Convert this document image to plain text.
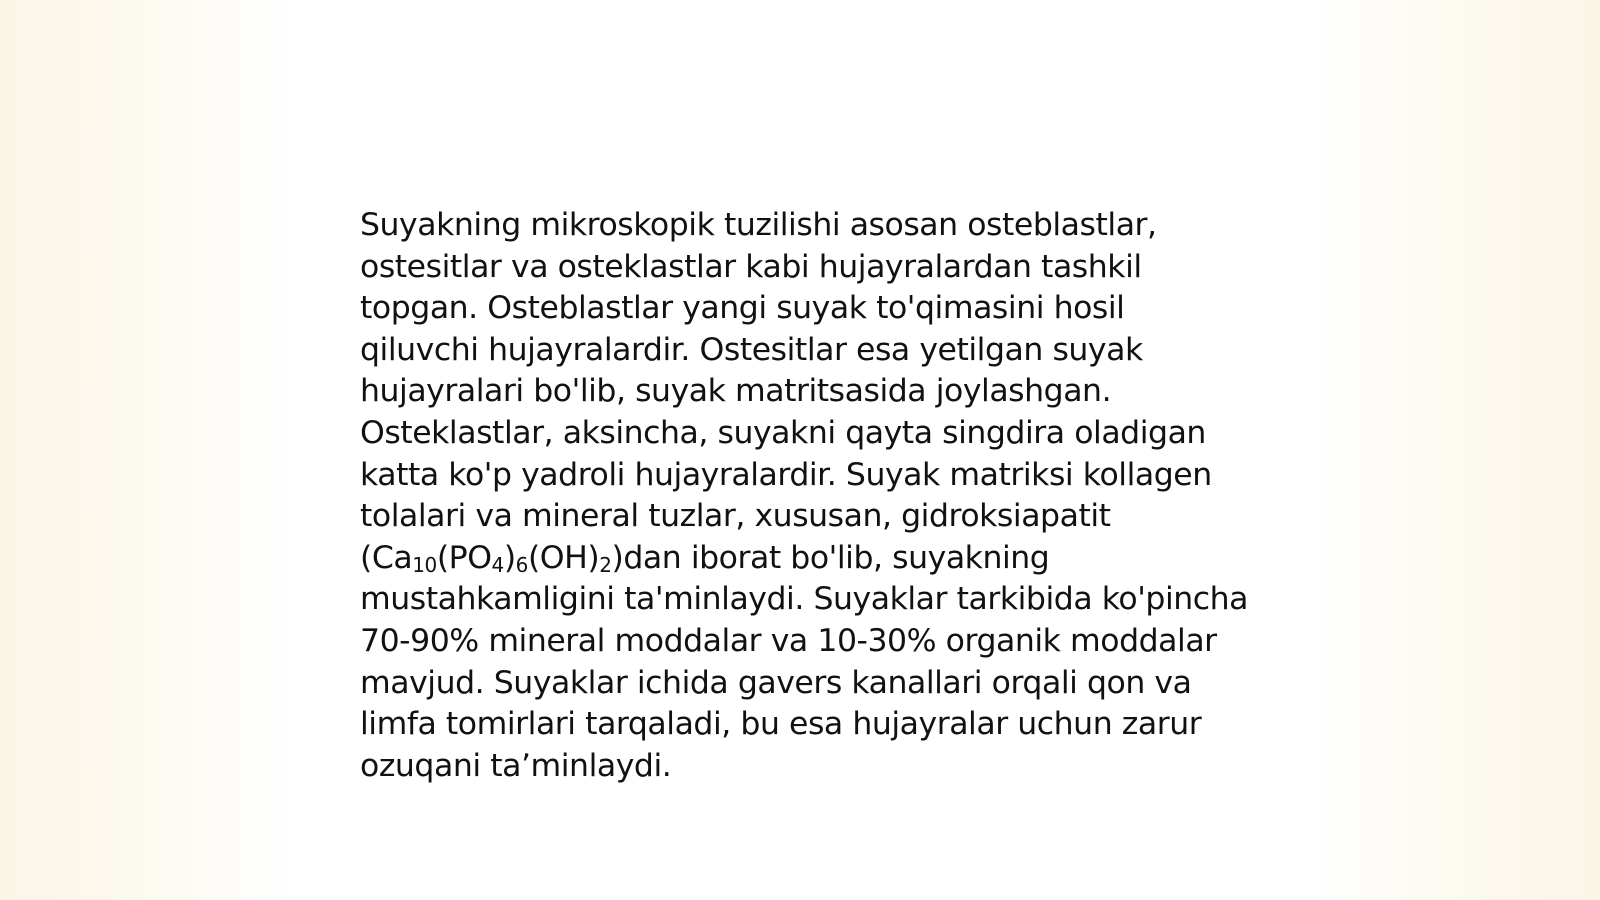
Suyakning mikroskopik tuzilishi asosan osteblastlar, ostesitlar va osteklastlar kabi hujayralardan tashkil topgan. Osteblastlar yangi suyak to'qimasini hosil qiluvchi hujayralardir. Ostesitlar esa yetilgan suyak hujayralari bo'lib, suyak matritsasida joylashgan. Osteklastlar, aksincha, suyakni qayta singdira oladigan katta ko'p yadroli hujayralardir. Suyak matriksi kollagen tolalari va mineral tuzlar, xususan, gidroksiapatit $(Ca_{10}(PO_4)_6(OH)_2)dan$ iborat bo'lib, suyakning mustahkamligini ta'minlaydi. Suyaklar tarkibida ko'pincha 70-90% mineral moddalar va 10-30% organik moddalar mavjud. Suyaklar ichida gavers kanallari orqali qon va limfa tomirlari tarqaladi, bu esa hujayralar uchun zarur ozuqani ta’minlaydi.
